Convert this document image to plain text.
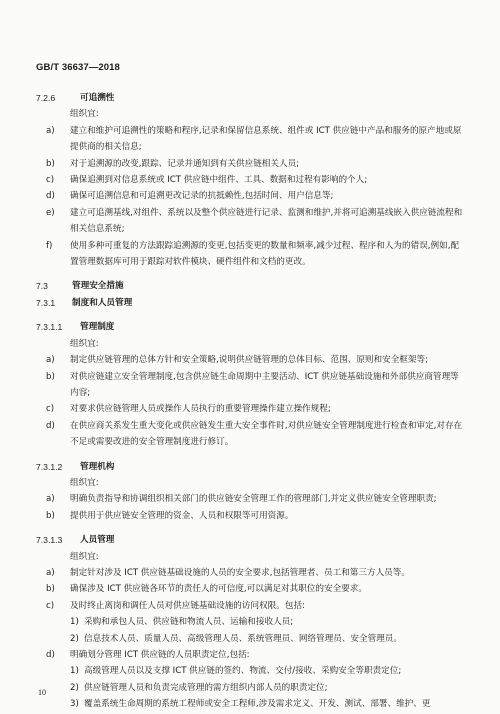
GB/T 36637—2018
7.2.6	可追溯性
组织宜:
a)	建立和维护可追溯性的策略和程序,记录和保留信息系统、组件或 ICT 供应链中产品和服务的原产地或原提供商的相关信息;
b)	对于追溯源的改变,跟踪、记录并通知到有关供应链相关人员;
c)	确保追溯到对信息系统或 ICT 供应链中组件、工具、数据和过程有影响的个人;
d)	确保可追溯信息和可追溯更改记录的抗抵赖性,包括时间、用户信息等;
e)	建立可追溯基线,对组件、系统以及整个供应链进行记录、监测和维护,并将可追溯基线嵌入供应链流程和相关信息系统;
f)	使用多种可重复的方法跟踪追溯源的变更,包括变更的数量和频率,减少过程、程序和人为的错误,例如,配置管理数据库可用于跟踪对软件模块、硬件组件和文档的更改。
7.3	管理安全措施
7.3.1	制度和人员管理
7.3.1.1	管理制度
组织宜:
a)	制定供应链管理的总体方针和安全策略,说明供应链管理的总体目标、范围、原则和安全框架等;
b)	对供应链建立安全管理制度,包含供应链生命周期中主要活动、ICT 供应链基础设施和外部供应商管理等内容;
c)	对要求供应链管理人员或操作人员执行的重要管理操作建立操作规程;
d)	在供应商关系发生重大变化或供应链发生重大安全事件时,对供应链安全管理制度进行检查和审定,对存在不足或需要改进的安全管理制度进行修订。
7.3.1.2	管理机构
组织宜:
a)	明确负责指导和协调组织相关部门的供应链安全管理工作的管理部门,并定义供应链安全管理职责;
b)	提供用于供应链安全管理的资金、人员和权限等可用资源。
7.3.1.3	人员管理
组织宜:
a)	制定针对涉及 ICT 供应链基础设施的人员的安全要求,包括管理者、员工和第三方人员等。
b)	确保涉及 ICT 供应链各环节的责任人的可信度,可以满足对其职位的安全要求。
c)	及时终止离岗和调任人员对供应链基础设施的访问权限。包括:
1) 采购和承包人员、供应链和物流人员、运输和接收人员;
2) 信息技术人员、质量人员、高级管理人员、系统管理员、网络管理员、安全管理员。
d)	明确划分管理 ICT 供应链的人员职责定位,包括:
1) 高级管理人员以及支撑 ICT 供应链的签约、物流、交付/接收、采购安全等职责定位;
2) 供应链管理人员和负责完成管理的需方组织内部人员的职责定位;
3) 覆盖系统生命周期的系统工程师或安全工程师,涉及需求定义、开发、测试、部署、维护、更
10
